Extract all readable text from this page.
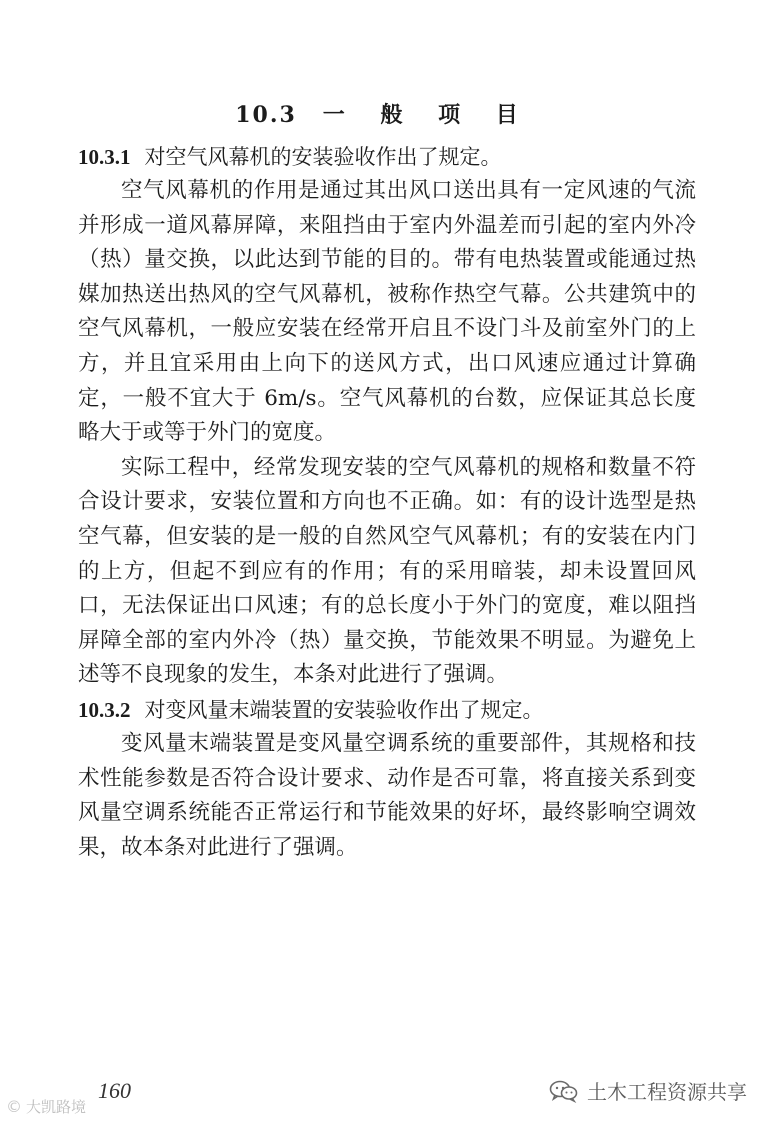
10.3 一 般 项 目

10.3.1 对空气风幕机的安装验收作出了规定。

空气风幕机的作用是通过其出风口送出具有一定风速的气流并形成一道风幕屏障，来阻挡由于室内外温差而引起的室内外冷（热）量交换，以此达到节能的目的。带有电热装置或能通过热媒加热送出热风的空气风幕机，被称作热空气幕。公共建筑中的空气风幕机，一般应安装在经常开启且不设门斗及前室外门的上方，并且宜采用由上向下的送风方式，出口风速应通过计算确定，一般不宜大于 6m/s。空气风幕机的台数，应保证其总长度略大于或等于外门的宽度。

实际工程中，经常发现安装的空气风幕机的规格和数量不符合设计要求，安装位置和方向也不正确。如：有的设计选型是热空气幕，但安装的是一般的自然风空气风幕机；有的安装在内门的上方，但起不到应有的作用；有的采用暗装，却未设置回风口，无法保证出口风速；有的总长度小于外门的宽度，难以阻挡屏障全部的室内外冷（热）量交换，节能效果不明显。为避免上述等不良现象的发生，本条对此进行了强调。

10.3.2 对变风量末端装置的安装验收作出了规定。

变风量末端装置是变风量空调系统的重要部件，其规格和技术性能参数是否符合设计要求、动作是否可靠，将直接关系到变风量空调系统能否正常运行和节能效果的好坏，最终影响空调效果，故本条对此进行了强调。

160
© 大凯路境
土木工程资源共享
